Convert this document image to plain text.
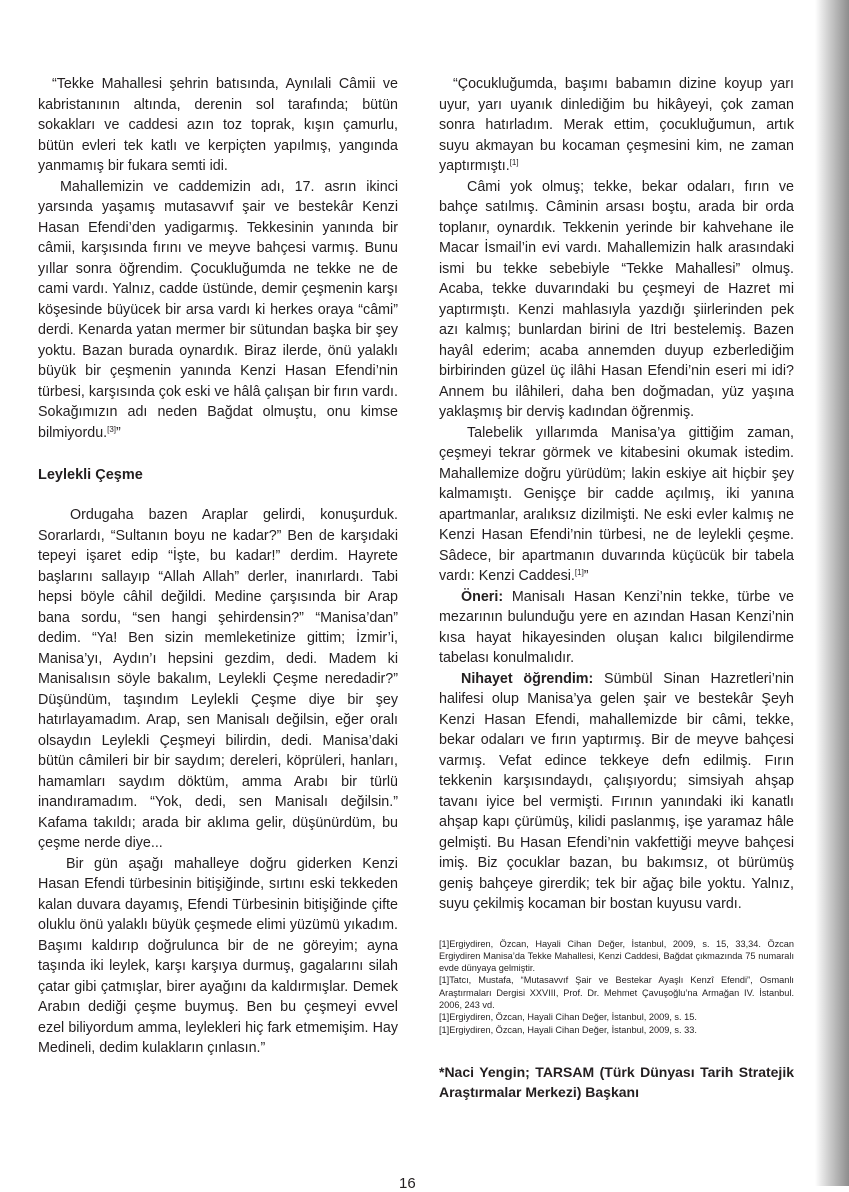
“Tekke Mahallesi şehrin batısında, Aynılali Câmii ve kabristanının altında, derenin sol tarafında; bütün sokakları ve caddesi azın toz toprak, kışın çamurlu, bütün evleri tek katlı ve kerpiçten yapılmış, yangında yanmamış bir fukara semti idi.

Mahallemizin ve caddemizin adı, 17. asrın ikinci yarsında yaşamış mutasavvıf şair ve bestekâr Kenzi Hasan Efendi’den yadigarmış. Tekkesinin yanında bir câmii, karşısında fırını ve meyve bahçesi varmış. Bunu yıllar sonra öğrendim. Çocukluğumda ne tekke ne de cami vardı. Yalnız, cadde üstünde, demir çeşmenin karşı köşesinde büyücek bir arsa vardı ki herkes oraya “câmi” derdi. Kenarda yatan mermer bir sütundan başka bir şey yoktu. Bazan burada oynardık. Biraz ilerde, önü yalaklı büyük bir çeşmenin yanında Kenzi Hasan Efendi’nin türbesi, karşısında çok eski ve hâlâ çalışan bir fırın vardı. Sokağımızın adı neden Bağdat olmuştu, onu kimse bilmiyordu.[3]”

Leylekli Çeşme

Ordugaha bazen Araplar gelirdi, konuşurduk. Sorarlardı, “Sultanın boyu ne kadar?” Ben de karşıdaki tepeyi işaret edip “İşte, bu kadar!” derdim. Hayrete başlarını sallayıp “Allah Allah” derler, inanırlardı. Tabi hepsi böyle câhil değildi. Medine çarşısında bir Arap bana sordu, “sen hangi şehirdensin?” “Manisa’dan” dedim. “Ya! Ben sizin memleketinize gittim; İzmir’i, Manisa’yı, Aydın’ı hepsini gezdim, dedi. Madem ki Manisalısın söyle bakalım, Leylekli Çeşme neredadir?” Düşündüm, taşındım Leylekli Çeşme diye bir şey hatırlayamadım. Arap, sen Manisalı değilsin, eğer oralı olsaydın Leylekli Çeşmeyi bilirdin, dedi. Manisa’daki bütün câmileri bir bir saydım; dereleri, köprüleri, hanları, hamamları saydım döktüm, amma Arabı bir türlü inandıramadım. “Yok, dedi, sen Manisalı değilsin.” Kafama takıldı; arada bir aklıma gelir, düşünürdüm, bu çeşme nerde diye...

Bir gün aşağı mahalleye doğru giderken Kenzi Hasan Efendi türbesinin bitişiğinde, sırtını eski tekkeden kalan duvara dayamış, Efendi Türbesinin bitişiğinde çifte oluklu önü yalaklı büyük çeşmede elimi yüzümü yıkadım. Başımı kaldırıp doğrulunca bir de ne göreyim; ayna taşında iki leylek, karşı karşıya durmuş, gagalarını silah çatar gibi çatmışlar, birer ayağını da kaldırmışlar. Demek Arabın dediği çeşme buymuş. Ben bu çeşmeyi evvel ezel biliyordum amma, leylekleri hiç fark etmemişim. Hay Medineli, dedim kulakların çınlasın.”

“Çocukluğumda, başımı babamın dizine koyup yarı uyur, yarı uyanık dinlediğim bu hikâyeyi, çok zaman sonra hatırladım. Merak ettim, çocukluğumun, artık suyu akmayan bu kocaman çeşmesini kim, ne zaman yaptırmıştı.[1]

Câmi yok olmuş; tekke, bekar odaları, fırın ve bahçe satılmış. Câminin arsası boştu, arada bir orda toplanır, oynardık. Tekkenin yerinde bir kahvehane ile Macar İsmail’in evi vardı. Mahallemizin halk arasındaki ismi bu tekke sebebiyle “Tekke Mahallesi” olmuş. Acaba, tekke duvarındaki bu çeşmeyi de Hazret mi yaptırmıştı. Kenzi mahlasıyla yazdığı şiirlerinden pek azı kalmış; bunlardan birini de Itri bestelemiş. Bazen hayâl ederim; acaba annemden duyup ezberlediğim birbirinden güzel üç ilâhi Hasan Efendi’nin eseri mi idi? Annem bu ilâhileri, daha ben doğmadan, yüz yaşına yaklaşmış bir derviş kadından öğrenmiş.

Talebelik yıllarımda Manisa’ya gittiğim zaman, çeşmeyi tekrar görmek ve kitabesini okumak istedim. Mahallemize doğru yürüdüm; lakin eskiye ait hiçbir şey kalmamıştı. Genişçe bir cadde açılmış, iki yanına apartmanlar, aralıksız dizilmişti. Ne eski evler kalmış ne Kenzi Hasan Efendi’nin türbesi, ne de leylekli çeşme. Sâdece, bir apartmanın duvarında küçücük bir tabela vardı: Kenzi Caddesi.[1]”

Öneri: Manisalı Hasan Kenzi’nin tekke, türbe ve mezarının bulunduğu yere en azından Hasan Kenzi’nin kısa hayat hikayesinden oluşan kalıcı bilgilendirme tabelası konulmalıdır.

Nihayet öğrendim: Sümbül Sinan Hazretleri’nin halifesi olup Manisa’ya gelen şair ve bestekâr Şeyh Kenzi Hasan Efendi, mahallemizde bir câmi, tekke, bekar odaları ve fırın yaptırmış. Bir de meyve bahçesi varmış. Vefat edince tekkeye defn edilmiş. Fırın tekkenin karşısındaydı, çalışıyordu; simsiyah ahşap tavanı iyice bel vermişti. Fırının yanındaki iki kanatlı ahşap kapı çürümüş, kilidi paslanmış, işe yaramaz hâle gelmişti. Bu Hasan Efendi’nin vakfettiği meyve bahçesi imiş. Biz çocuklar bazan, bu bakımsız, ot bürümüş geniş bahçeye girerdik; tek bir ağaç bile yoktu. Yalnız, suyu çekilmiş kocaman bir bostan kuyusu vardı.

[1]Ergiydiren, Özcan, Hayali Cihan Değer, İstanbul, 2009, s. 15, 33,34. Özcan Ergiydiren Manisa’da Tekke Mahallesi, Kenzi Caddesi, Bağdat çıkmazında 75 numaralı evde dünyaya gelmiştir.

[1]Tatcı, Mustafa, “Mutasavvıf Şair ve Bestekar Ayaşlı Kenzî Efendi”, Osmanlı Araştırmaları Dergisi XXVIII, Prof. Dr. Mehmet Çavuşoğlu’na Armağan IV. İstanbul. 2006, 243 vd.

[1]Ergiydiren, Özcan, Hayali Cihan Değer, İstanbul, 2009, s. 15.

[1]Ergiydiren, Özcan, Hayali Cihan Değer, İstanbul, 2009, s. 33.

*Naci Yengin; TARSAM (Türk Dünyası Tarih Stratejik Araştırmalar Merkezi) Başkanı
16
